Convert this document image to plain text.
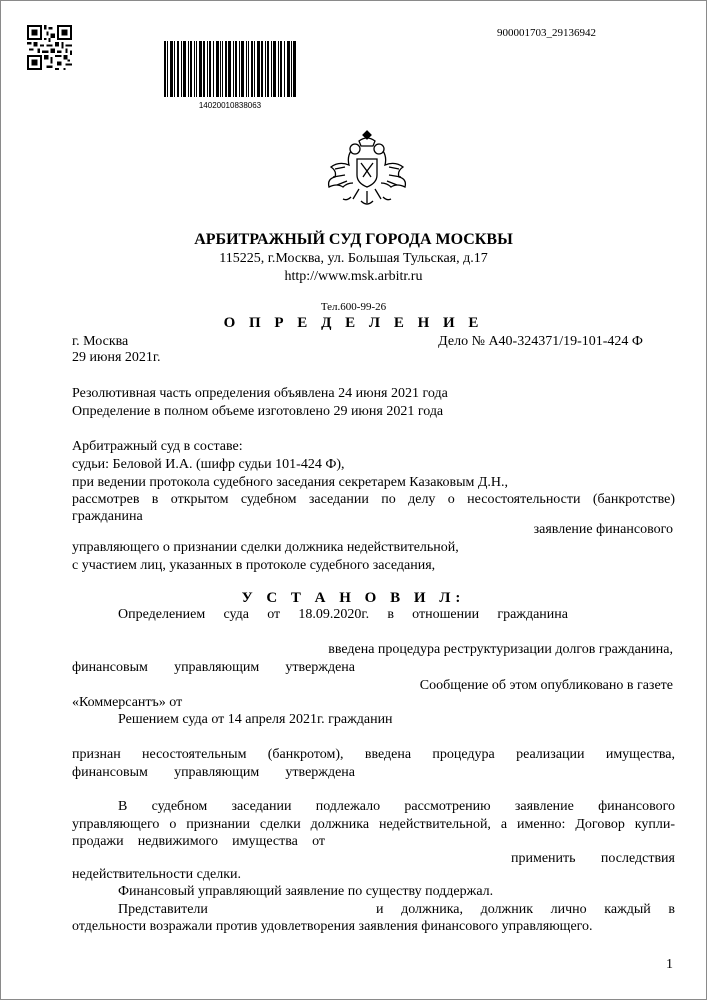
900001703_29136942
14020010838063
АРБИТРАЖНЫЙ СУД ГОРОДА МОСКВЫ
115225, г.Москва, ул. Большая Тульская, д.17
http://www.msk.arbitr.ru
Тел.600-99-26
О П Р Е Д Е Л Е Н И Е
г. Москва	Дело № А40-324371/19-101-424 Ф
29 июня 2021г.
Резолютивная часть определения объявлена 24 июня 2021 года
Определение в полном объеме изготовлено 29 июня 2021 года
Арбитражный суд в составе:
судьи: Беловой И.А. (шифр судьи 101-424 Ф),
при ведении протокола судебного заседания секретарем Казаковым Д.Н.,
рассмотрев в открытом судебном заседании по делу о несостоятельности (банкротстве)
гражданина
заявление финансового
управляющего о признании сделки должника недействительной,
с участием лиц, указанных в протоколе судебного заседания,
У С Т А Н О В И Л:
Определением суда от 18.09.2020г. в отношении гражданина
введена процедура реструктуризации долгов гражданина,
финансовым управляющим утверждена
Сообщение об этом опубликовано в газете
«Коммерсантъ» от
Решением суда от 14 апреля 2021г. гражданин
признан несостоятельным (банкротом), введена процедура реализации имущества,
финансовым управляющим утверждена
В судебном заседании подлежало рассмотрению заявление финансового
управляющего о признании сделки должника недействительной, а именно: Договор купли-
продажи недвижимого имущества от
применить последствия
недействительности сделки.
Финансовый управляющий заявление по существу поддержал.
Представители	и должника, должник лично каждый в
отдельности возражали против удовлетворения заявления финансового управляющего.
1
